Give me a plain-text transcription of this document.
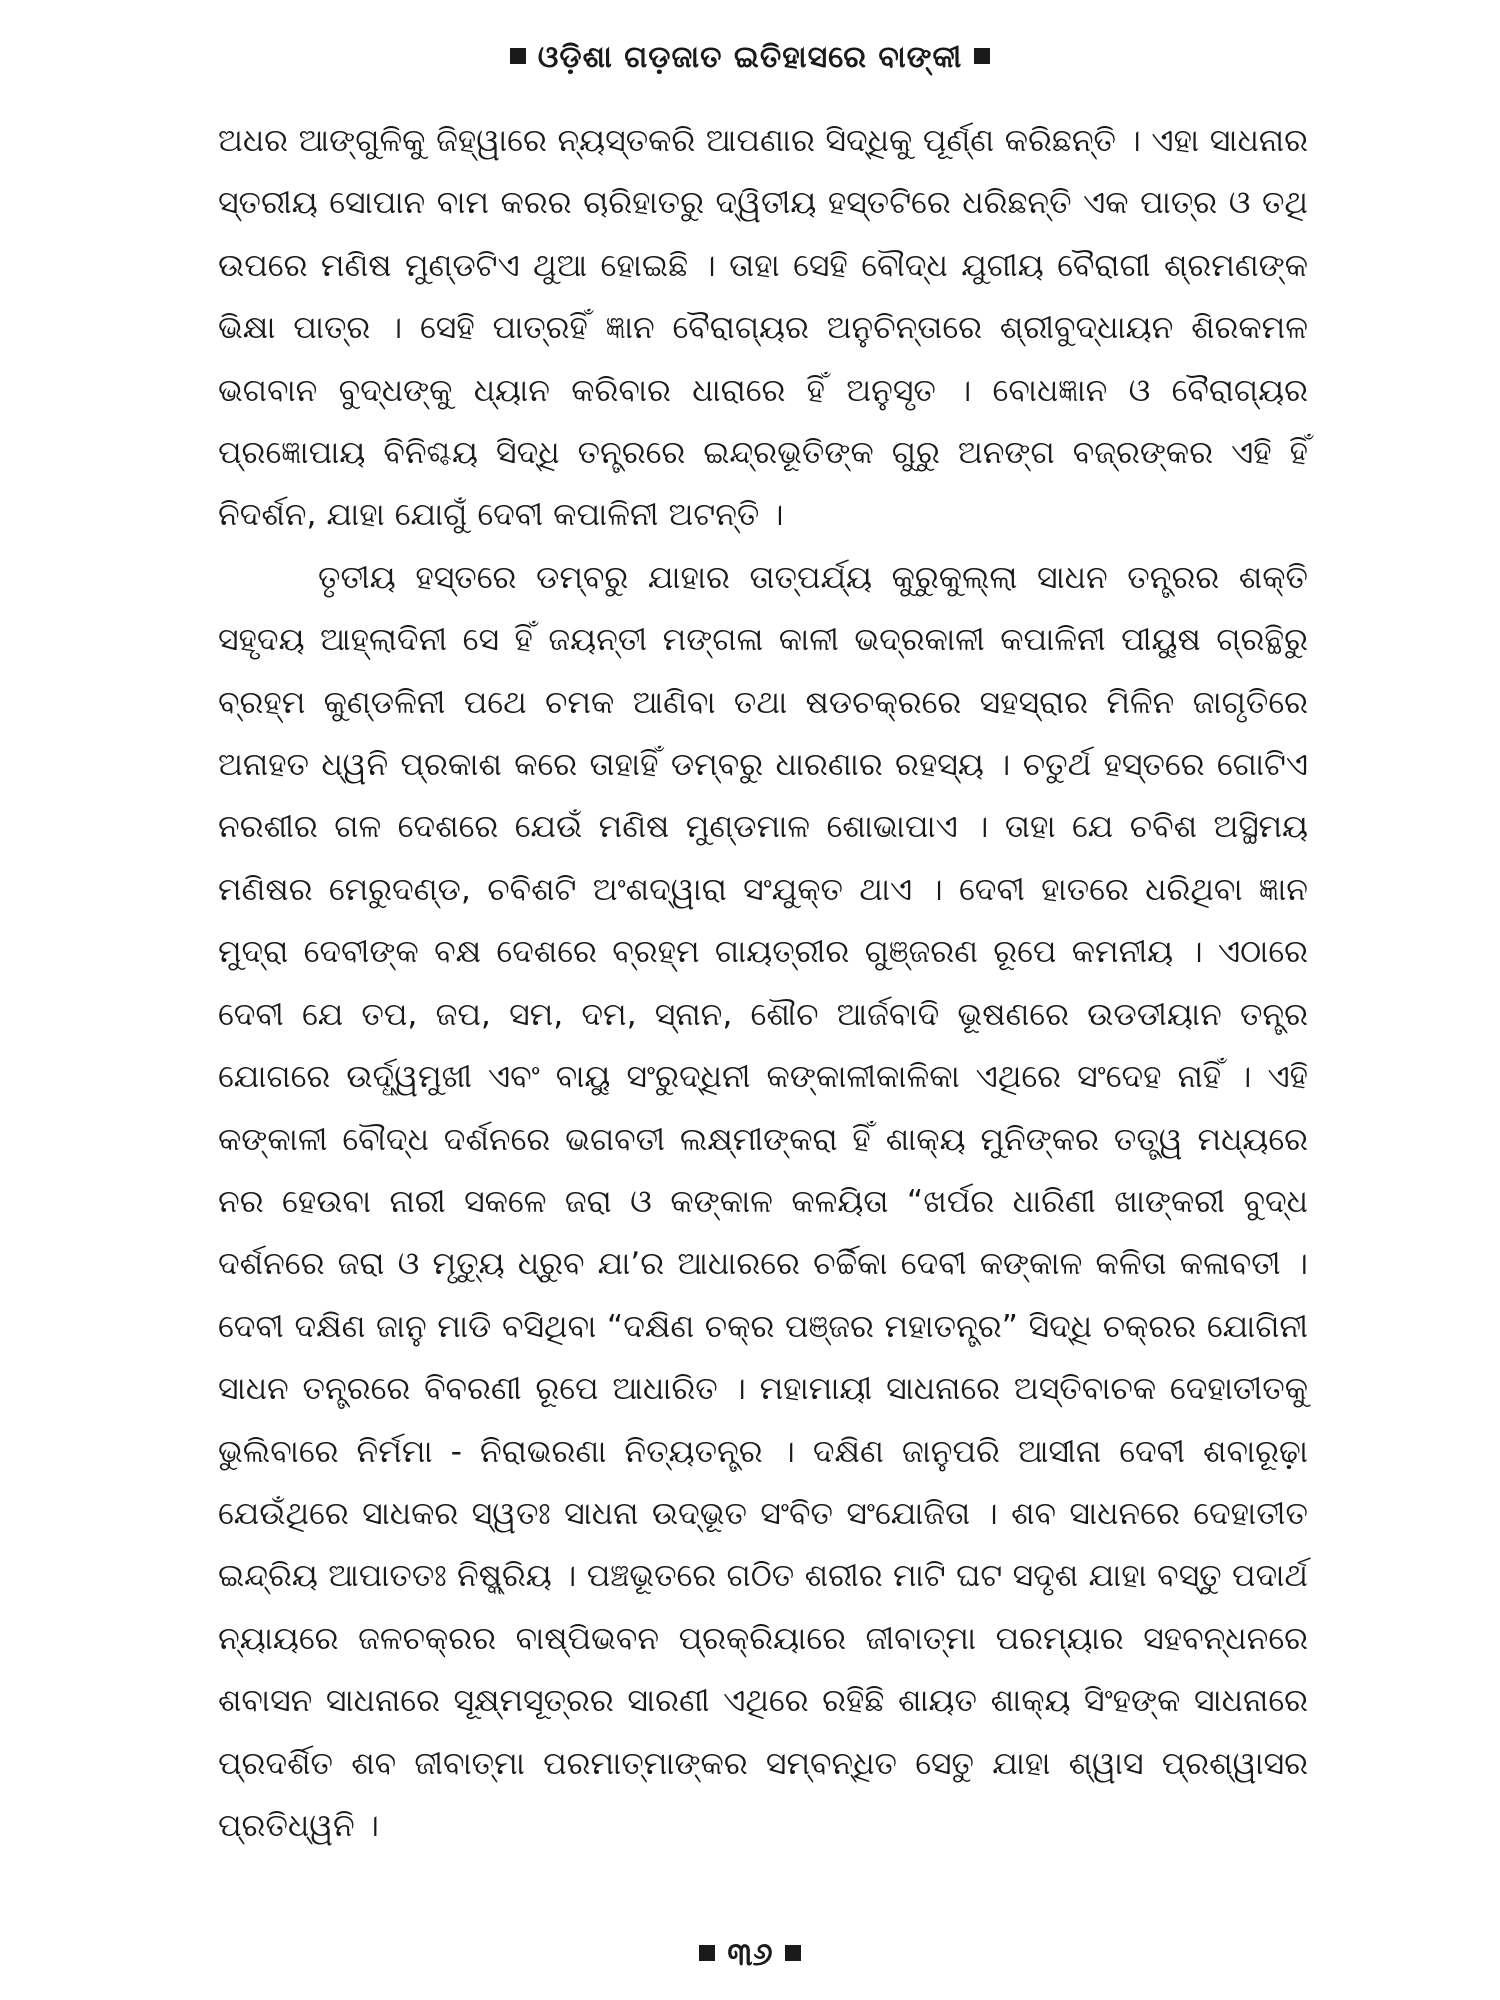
ଓଡ଼ିଶା ଗଡ଼ଜାତ ଇତିହାସରେ ବାଙ୍କୀ

ଅଧର ଆଙ୍ଗୁଳିକୁ ଜିହ୍ୱାରେ ନ୍ୟସ୍ତକରି ଆପଣାର ସିଦ୍ଧିକୁ ପୂର୍ଣ୍ଣ କରିଛନ୍ତି । ଏହା ସାଧନାର ସ୍ତରୀୟ ସୋପାନ ବାମ କରର ଚାରିହାତରୁ ଦ୍ୱିତୀୟ ହସ୍ତଟିରେ ଧରିଛନ୍ତି ଏକ ପାତ୍ର ଓ ତଥି ଉପରେ ମଣିଷ ମୁଣ୍ଡଟିଏ ଥୁଆ ହୋଇଛି । ତାହା ସେହି ବୌଦ୍ଧ ଯୁଗୀୟ ବୈରାଗୀ ଶ୍ରମଣଙ୍କ ଭିକ୍ଷା ପାତ୍ର । ସେହି ପାତ୍ରହିଁ ଜ୍ଞାନ ବୈରାଗ୍ୟର ଅନୁଚିନ୍ତାରେ ଶ୍ରୀବୁଦ୍ଧାୟନ ଶିରକମଳ ଭଗବାନ ବୁଦ୍ଧଙ୍କୁ ଧ୍ୟାନ କରିବାର ଧାରାରେ ହିଁ ଅନୁସୃତ । ବୋଧଜ୍ଞାନ ଓ ବୈରାଗ୍ୟର ପ୍ରଜ୍ଞୋପାୟ ବିନିଶ୍ଚୟ ସିଦ୍ଧି ତନ୍ତ୍ରରେ ଇନ୍ଦ୍ରଭୂତିଙ୍କ ଗୁରୁ ଅନଙ୍ଗ ବଜ୍ରଙ୍କର ଏହି ହିଁ ନିଦର୍ଶନ, ଯାହା ଯୋଗୁଁ ଦେବୀ କପାଳିନୀ ଅଟନ୍ତି ।

ତୃତୀୟ ହସ୍ତରେ ଡମ୍ବରୁ ଯାହାର ତାତ୍ପର୍ଯ୍ୟ କୁରୁକୁଲ୍ଲା ସାଧନ ତନ୍ତ୍ରର ଶକ୍ତି ସହୃଦୟ ଆହ୍ଲାଦିନୀ ସେ ହିଁ ଜୟନ୍ତୀ ମଙ୍ଗଳା କାଳୀ ଭଦ୍ରକାଳୀ କପାଳିନୀ ପୀୟୁଷ ଗ୍ରନ୍ଥିରୁ ବ୍ରହ୍ମ କୁଣ୍ଡଳିନୀ ପଥେ ଚମକ ଆଣିବା ତଥା ଷଡଚକ୍ରରେ ସହସ୍ରାର ମିଳିନ ଜାଗୃତିରେ ଅନାହତ ଧ୍ୱନି ପ୍ରକାଶ କରେ ତାହାହିଁ ଡମ୍ବରୁ ଧାରଣାର ରହସ୍ୟ । ଚତୁର୍ଥ ହସ୍ତରେ ଗୋଟିଏ ନରଶୀର ଗଳ ଦେଶରେ ଯେଉଁ ମଣିଷ ମୁଣ୍ଡମାଳ ଶୋଭାପାଏ । ତାହା ଯେ ଚବିଶ ଅସ୍ଥିମୟ ମଣିଷର ମେରୁଦଣ୍ଡ, ଚବିଶଟି ଅଂଶଦ୍ୱାରା ସଂଯୁକ୍ତ ଥାଏ । ଦେବୀ ହାତରେ ଧରିଥିବା ଜ୍ଞାନ ମୁଦ୍ରା ଦେବୀଙ୍କ ବକ୍ଷ ଦେଶରେ ବ୍ରହ୍ମ ଗାୟତ୍ରୀର ଗୁଞ୍ଜରଣ ରୂପେ କମନୀୟ । ଏଠାରେ ଦେବୀ ଯେ ତପ, ଜପ, ସମ, ଦମ, ସ୍ନାନ, ଶୌଚ ଆର୍ଜବାଦି ଭୂଷଣରେ ଉଡଡୀୟାନ ତନ୍ତ୍ର ଯୋଗରେ ଉର୍ଦ୍ଧ୍ୱମୁଖୀ ଏବଂ ବାୟୁ ସଂରୁଦ୍ଧିନୀ କଙ୍କାଳୀକାଳିକା ଏଥିରେ ସଂଦେହ ନାହିଁ । ଏହି କଙ୍କାଳୀ ବୌଦ୍ଧ ଦର୍ଶନରେ ଭଗବତୀ ଲକ୍ଷ୍ମୀଙ୍କରା ହିଁ ଶାକ୍ୟ ମୁନିଙ୍କର ତତ୍ତ୍ୱ ମଧ୍ୟରେ ନର ହେଉବା ନାରୀ ସକଳେ ଜରା ଓ କଙ୍କାଳ କଳୟିତା “ଖର୍ପର ଧାରିଣୀ ଖାଙ୍କରୀ ବୁଦ୍ଧ ଦର୍ଶନରେ ଜରା ଓ ମୃତ୍ୟୁ ଧ୍ରୁବ ଯା’ର ଆଧାରରେ ଚର୍ଚ୍ଚିକା ଦେବୀ କଙ୍କାଳ କଳିତା କଳାବତୀ । ଦେବୀ ଦକ୍ଷିଣ ଜାନୁ ମାଡି ବସିଥିବା “ଦକ୍ଷିଣ ଚକ୍ର ପଞ୍ଜର ମହାତନ୍ତ୍ର” ସିଦ୍ଧି ଚକ୍ରର ଯୋଗିନୀ ସାଧନ ତନ୍ତ୍ରରେ ବିବରଣୀ ରୂପେ ଆଧାରିତ । ମହାମାୟୀ ସାଧନାରେ ଅସ୍ତିବାଚକ ଦେହାତୀତକୁ ଭୁଲିବାରେ ନିର୍ମମା - ନିରାଭରଣା ନିତ୍ୟତନ୍ତ୍ର । ଦକ୍ଷିଣ ଜାନୁପରି ଆସୀନା ଦେବୀ ଶବାରୂଢ଼ା ଯେଉଁଥିରେ ସାଧକର ସ୍ୱତଃ ସାଧନା ଉଦ୍ଭୂତ ସଂବିତ ସଂଯୋଜିତା । ଶବ ସାଧନରେ ଦେହାତୀତ ଇନ୍ଦ୍ରିୟ ଆପାତତଃ ନିଷ୍କ୍ରିୟ । ପଞ୍ଚଭୂତରେ ଗଠିତ ଶରୀର ମାଟି ଘଟ ସଦୃଶ ଯାହା ବସ୍ତୁ ପଦାର୍ଥ ନ୍ୟାୟରେ ଜଳଚକ୍ରର ବାଷ୍ପିଭବନ ପ୍ରକ୍ରିୟାରେ ଜୀବାତ୍ମା ପରମ୍ୟାର ସହବନ୍ଧନରେ ଶବାସନ ସାଧନାରେ ସୂକ୍ଷ୍ମସୂତ୍ରର ସାରଣୀ ଏଥିରେ ରହିଛି ଶାୟତ ଶାକ୍ୟ ସିଂହଙ୍କ ସାଧନାରେ ପ୍ରଦର୍ଶିତ ଶବ ଜୀବାତ୍ମା ପରମାତ୍ମାଙ୍କର ସମ୍ବନ୍ଧିତ ସେତୁ ଯାହା ଶ୍ୱାସ ପ୍ରଶ୍ୱାସର ପ୍ରତିଧ୍ୱନି ।

୩୬
